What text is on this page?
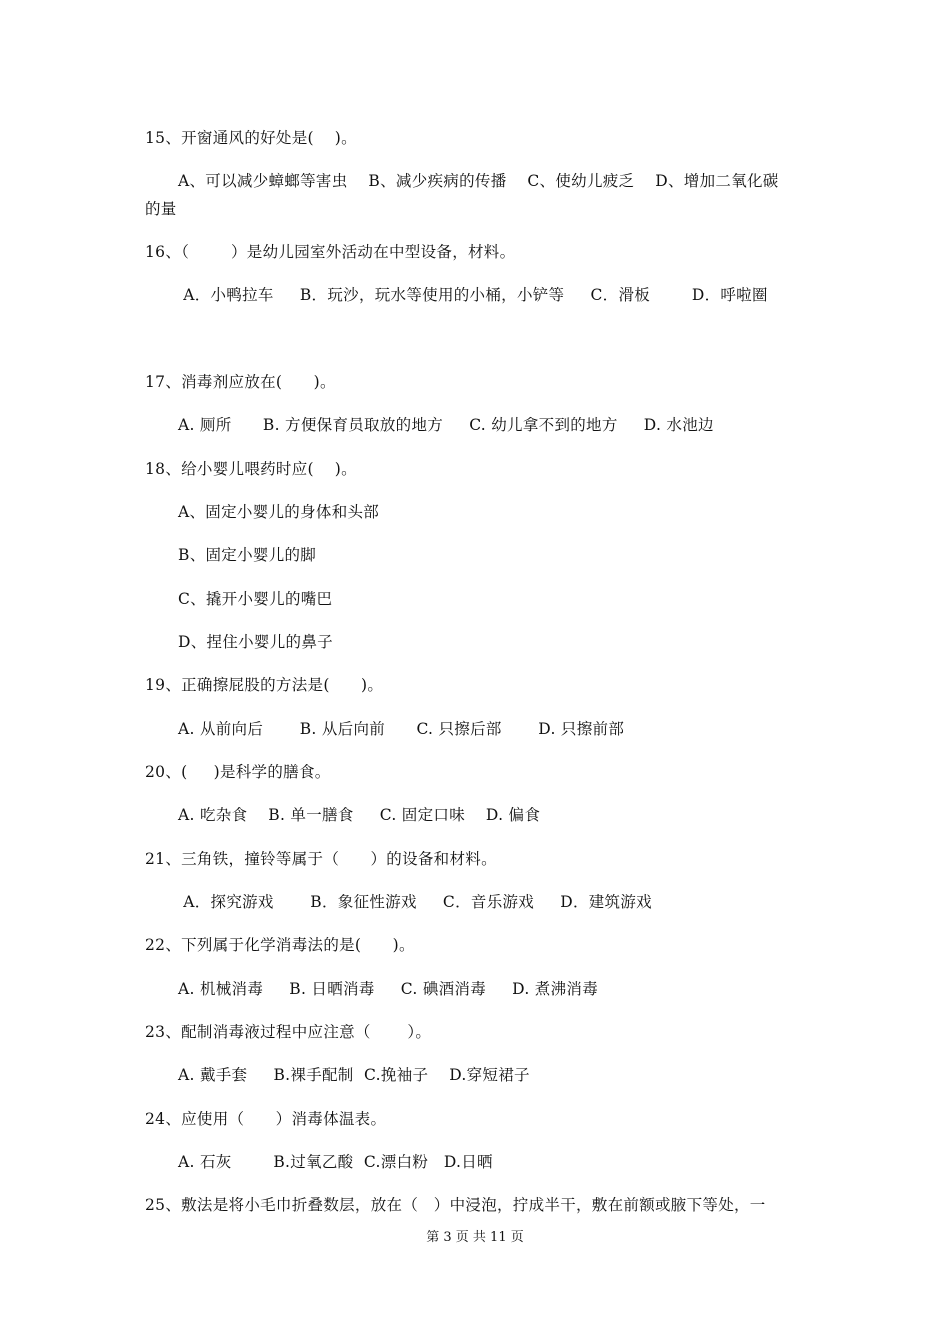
15、开窗通风的好处是(    )。
A、可以减少蟑螂等害虫    B、减少疾病的传播    C、使幼儿疲乏    D、增加二氧化碳
的量
16、（        ）是幼儿园室外活动在中型设备，材料。
A．小鸭拉车     B．玩沙，玩水等使用的小桶，小铲等     C．滑板        D．呼啦圈
17、消毒剂应放在(      )。
A. 厕所      B. 方便保育员取放的地方     C. 幼儿拿不到的地方     D. 水池边
18、给小婴儿喂药时应(    )。
A、固定小婴儿的身体和头部
B、固定小婴儿的脚
C、撬开小婴儿的嘴巴
D、捏住小婴儿的鼻子
19、正确擦屁股的方法是(      )。
A. 从前向后       B. 从后向前      C. 只擦后部       D. 只擦前部
20、(     )是科学的膳食。
A. 吃杂食    B. 单一膳食     C. 固定口味    D. 偏食
21、三角铁，撞铃等属于（      ）的设备和材料。
A．探究游戏       B．象征性游戏     C．音乐游戏     D．建筑游戏
22、下列属于化学消毒法的是(      )。
A. 机械消毒     B. 日晒消毒     C. 碘酒消毒     D. 煮沸消毒
23、配制消毒液过程中应注意（       ）。
A. 戴手套     B.裸手配制  C.挽袖子    D.穿短裙子
24、应使用（      ）消毒体温表。
A. 石灰        B.过氧乙酸  C.漂白粉   D.日晒
25、敷法是将小毛巾折叠数层，放在（   ）中浸泡，拧成半干，敷在前额或腋下等处，一
第 3 页 共 11 页
